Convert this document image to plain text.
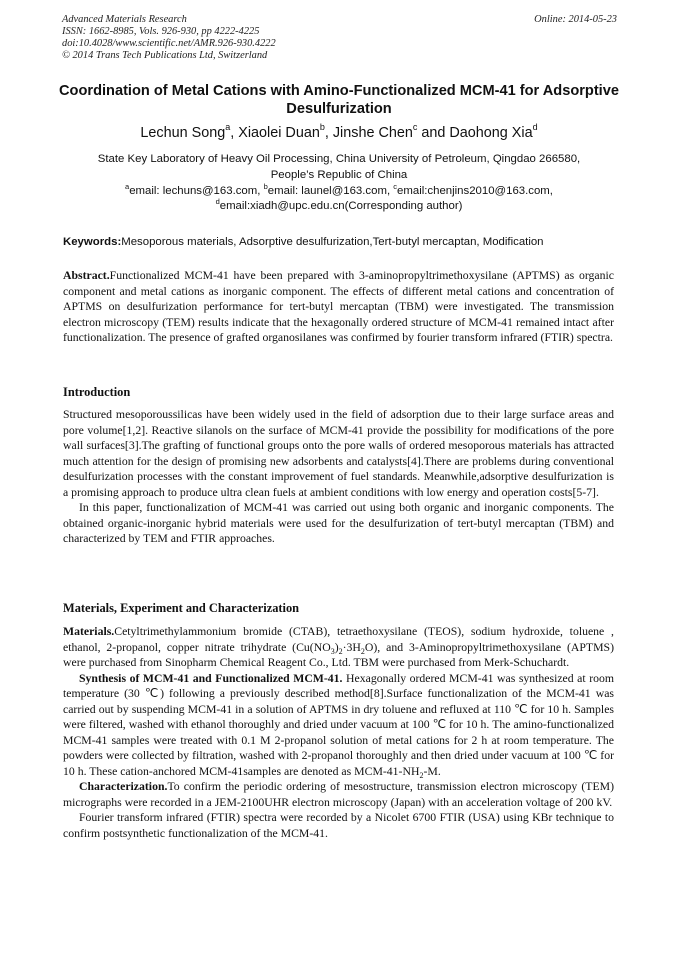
Advanced Materials Research
ISSN: 1662-8985, Vols. 926-930, pp 4222-4225
doi:10.4028/www.scientific.net/AMR.926-930.4222
© 2014 Trans Tech Publications Ltd, Switzerland
Online: 2014-05-23
Coordination of Metal Cations with Amino-Functionalized MCM-41 for Adsorptive Desulfurization
Lechun Song$^a$, Xiaolei Duan$^b$, Jinshe Chen$^c$ and Daohong Xia$^d$
State Key Laboratory of Heavy Oil Processing, China University of Petroleum, Qingdao 266580,
People’s Republic of China
$^a$email: lechuns@163.com, $^b$email: launel@163.com, $^c$email:chenjins2010@163.com,
$^d$email:xiadh@upc.edu.cn(Corresponding author)
Keywords:Mesoporous materials, Adsorptive desulfurization,Tert-butyl mercaptan, Modification

Abstract.Functionalized MCM-41 have been prepared with 3-aminopropyltrimethoxysilane (APTMS) as organic component and metal cations as inorganic component. The effects of different metal cations and concentration of APTMS on desulfurization performance for tert-butyl mercaptan (TBM) were investigated. The transmission electron microscopy (TEM) results indicate that the hexagonally ordered structure of MCM-41 remained intact after functionalization. The presence of grafted organosilanes was confirmed by fourier transform infrared (FTIR) spectra.

Introduction

Structured mesoporoussilicas have been widely used in the field of adsorption due to their large surface areas and pore volume[1,2]. Reactive silanols on the surface of MCM-41 provide the possibility for modifications of the pore wall surfaces[3].The grafting of functional groups onto the pore walls of ordered mesoporous materials has attracted much attention for the design of promising new adsorbents and catalysts[4].There are problems during conventional desulfurization processes with the constant improvement of fuel standards. Meanwhile,adsorptive desulfurization is a promising approach to produce ultra clean fuels at ambient conditions with low energy and operation costs[5-7].

In this paper, functionalization of MCM-41 was carried out using both organic and inorganic components. The obtained organic-inorganic hybrid materials were used for the desulfurization of tert-butyl mercaptan (TBM) and characterized by TEM and FTIR approaches.

Materials, Experiment and Characterization

Materials.Cetyltrimethylammonium bromide (CTAB), tetraethoxysilane (TEOS), sodium hydroxide, toluene , ethanol, 2-propanol, copper nitrate trihydrate $(Cu(NO_3)_2\cdot 3H_2O)$, and 3-Aminopropyltrimethoxysilane (APTMS) were purchased from Sinopharm Chemical Reagent Co., Ltd. TBM were purchased from Merk-Schuchardt.

Synthesis of MCM-41 and Functionalized MCM-41. Hexagonally ordered MCM-41 was synthesized at room temperature (30 ℃) following a previously described method[8].Surface functionalization of the MCM-41 was carried out by suspending MCM-41 in a solution of APTMS in dry toluene and refluxed at 110 ℃ for 10 h. Samples were filtered, washed with ethanol thoroughly and dried under vacuum at 100 ℃ for 10 h. The amino-functionalized MCM-41 samples were treated with 0.1 M 2-propanol solution of metal cations for 2 h at room temperature. The powders were collected by filtration, washed with 2-propanol thoroughly and then dried under vacuum at 100 ℃ for 10 h. These cation-anchored MCM-41samples are denoted as MCM-$41-NH_2-M$.

Characterization.To confirm the periodic ordering of mesostructure, transmission electron microscopy (TEM) micrographs were recorded in a JEM-2100UHR electron microscopy (Japan) with an acceleration voltage of 200 kV.

Fourier transform infrared (FTIR) spectra were recorded by a Nicolet 6700 FTIR (USA) using KBr technique to confirm postsynthetic functionalization of the MCM-41.
